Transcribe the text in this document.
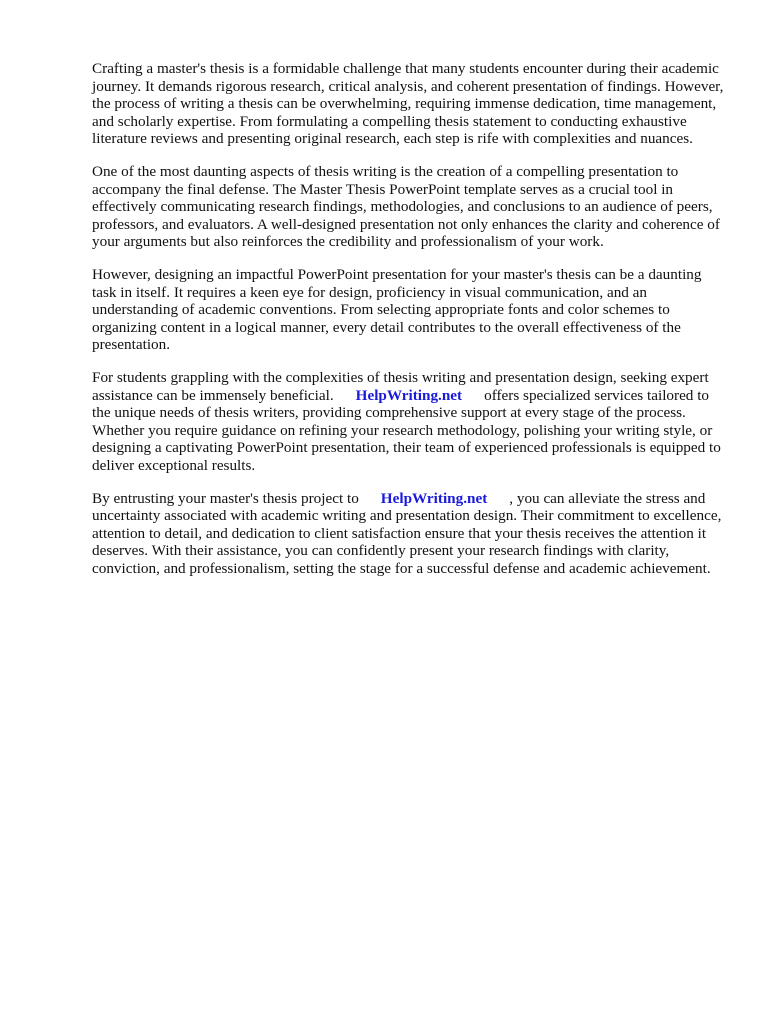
Crafting a master's thesis is a formidable challenge that many students encounter during their academic journey. It demands rigorous research, critical analysis, and coherent presentation of findings. However, the process of writing a thesis can be overwhelming, requiring immense dedication, time management, and scholarly expertise. From formulating a compelling thesis statement to conducting exhaustive literature reviews and presenting original research, each step is rife with complexities and nuances.

One of the most daunting aspects of thesis writing is the creation of a compelling presentation to accompany the final defense. The Master Thesis PowerPoint template serves as a crucial tool in effectively communicating research findings, methodologies, and conclusions to an audience of peers, professors, and evaluators. A well-designed presentation not only enhances the clarity and coherence of your arguments but also reinforces the credibility and professionalism of your work.

However, designing an impactful PowerPoint presentation for your master's thesis can be a daunting task in itself. It requires a keen eye for design, proficiency in visual communication, and an understanding of academic conventions. From selecting appropriate fonts and color schemes to organizing content in a logical manner, every detail contributes to the overall effectiveness of the presentation.

For students grappling with the complexities of thesis writing and presentation design, seeking expert assistance can be immensely beneficial. HelpWriting.net offers specialized services tailored to the unique needs of thesis writers, providing comprehensive support at every stage of the process. Whether you require guidance on refining your research methodology, polishing your writing style, or designing a captivating PowerPoint presentation, their team of experienced professionals is equipped to deliver exceptional results.

By entrusting your master's thesis project to HelpWriting.net , you can alleviate the stress and uncertainty associated with academic writing and presentation design. Their commitment to excellence, attention to detail, and dedication to client satisfaction ensure that your thesis receives the attention it deserves. With their assistance, you can confidently present your research findings with clarity, conviction, and professionalism, setting the stage for a successful defense and academic achievement.
